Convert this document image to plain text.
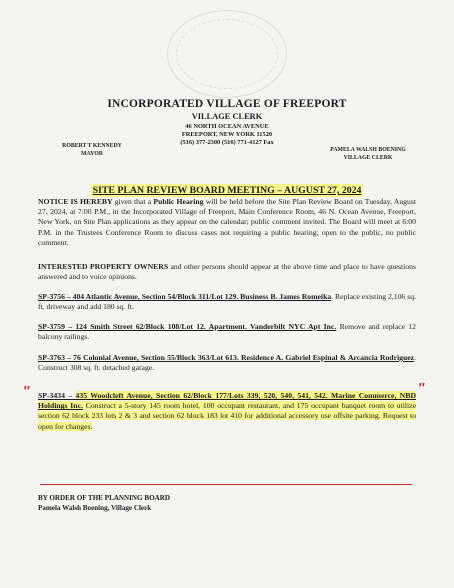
INCORPORATED VILLAGE OF FREEPORT
VILLAGE CLERK
46 NORTH OCEAN AVENUE
FREEPORT, NEW YORK 11520
(516) 377-2300 (516) 771-4127 Fax
ROBERT T KENNEDY
MAYOR
PAMELA WALSH BOENING
VILLAGE CLERK
SITE PLAN REVIEW BOARD MEETING – AUGUST 27, 2024
NOTICE IS HEREBY given that a Public Hearing will be held before the Site Plan Review Board on Tuesday, August 27, 2024, at 7:00 P.M., in the Incorporated Village of Freeport, Main Conference Room, 46 N. Ocean Avenue, Freeport, New York, on Site Plan applications as they appear on the calendar; public comment invited. The Board will meet at 6:00 P.M. in the Trustees Conference Room to discuss cases not requiring a public hearing; open to the public, no public comment.
INTERESTED PROPERTY OWNERS and other persons should appear at the above time and place to have questions answered and to voice opinions.
SP-3756 – 404 Atlantic Avenue, Section 54/Block 311/Lot 129. Business B. James Romeika. Replace existing 2,106 sq. ft. driveway and add 180 sq. ft.
SP-3759 – 124 Smith Street 62/Block 108/Lot 12. Apartment. Vanderbilt NYC Apt Inc. Remove and replace 12 balcony railings.
SP-3763 – 76 Colonial Avenue, Section 55/Block 363/Lot 613. Residence A. Gabriel Espinal & Arcancia Rodriguez. Construct 308 sq. ft. detached garage.
SP-3434 – 435 Woodcleft Avenue, Section 62/Block 177/Lots 339, 520, 540, 541, 542. Marine Commerce, NBD Holdings Inc. Construct a 5-story 145 room hotel, 100 occupant restaurant, and 175 occupant banquet room to utilize section 62 block 233 lots 2 & 3 and section 62 block 183 lot 410 for additional accessory use offsite parking. Request to open for changes.
''	''
BY ORDER OF THE PLANNING BOARD
Pamela Walsh Boening, Village Clerk
